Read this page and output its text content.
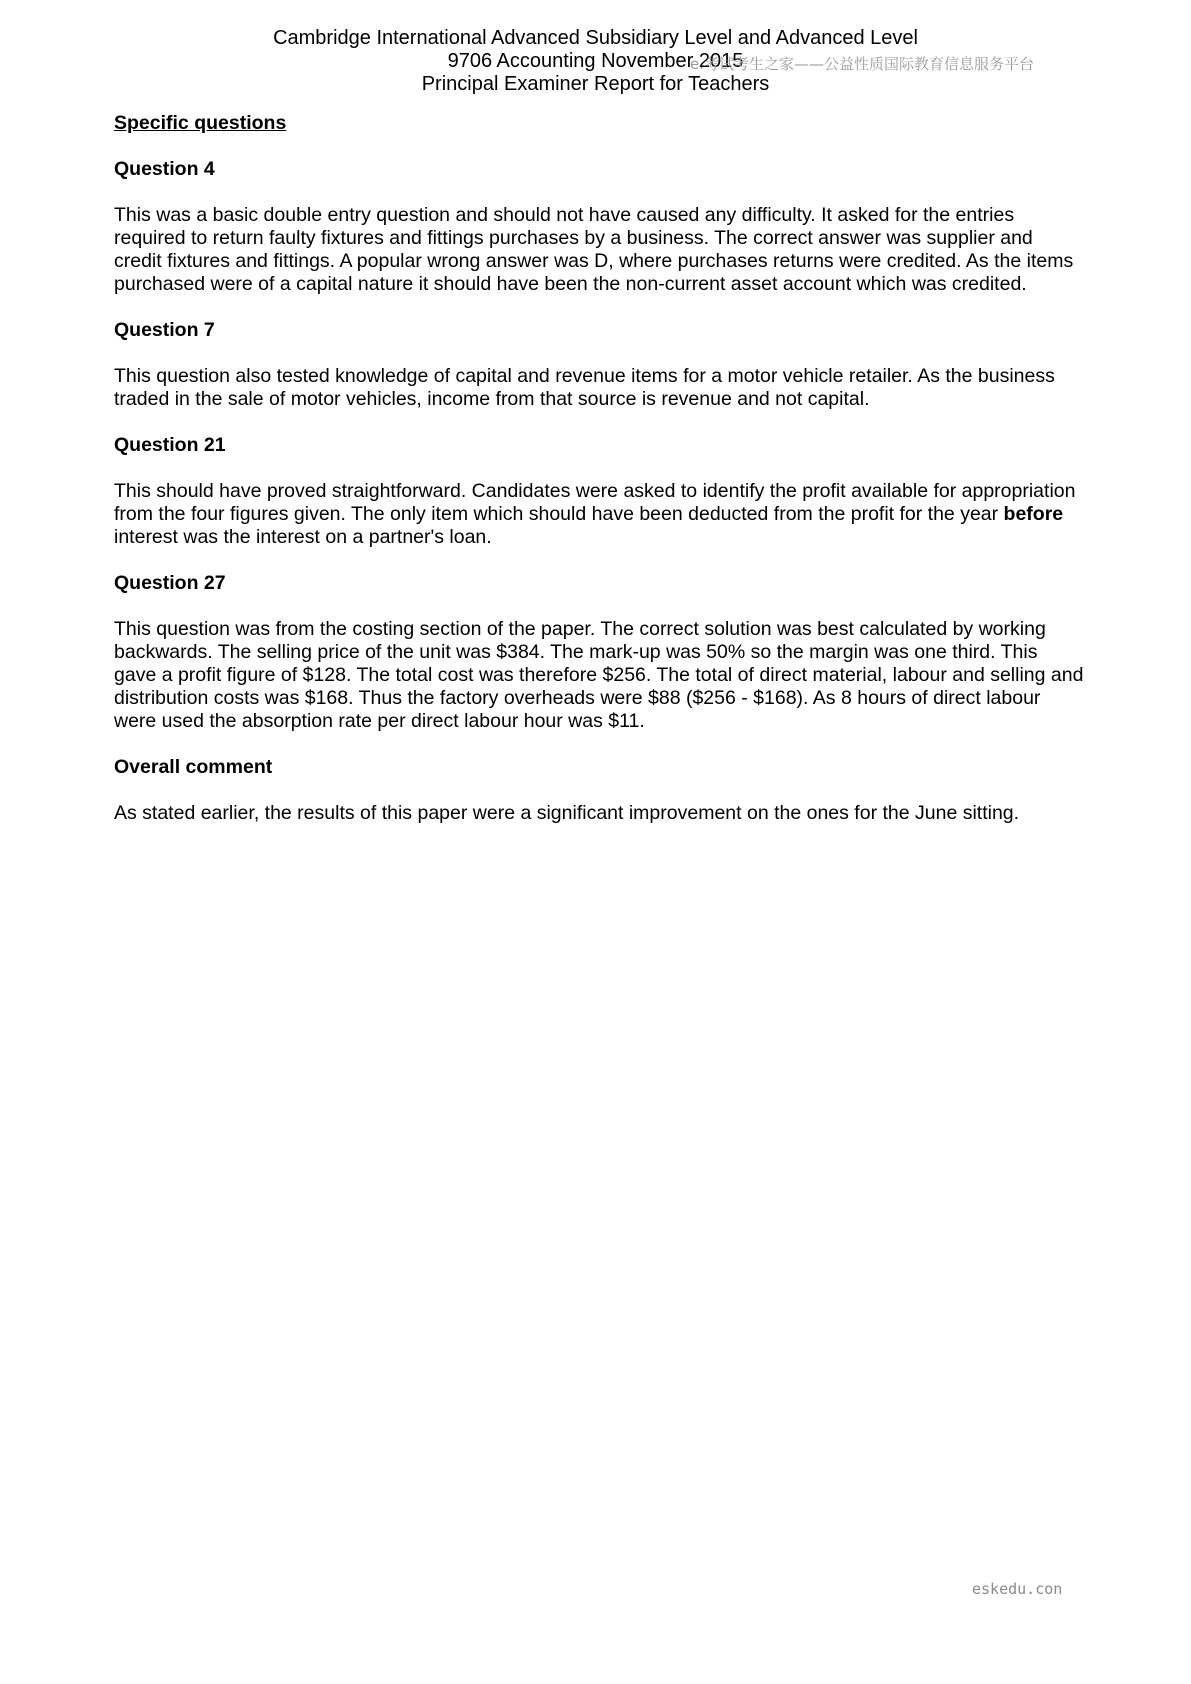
Cambridge International Advanced Subsidiary Level and Advanced Level
9706 Accounting November 2015
Principal Examiner Report for Teachers
e.考试考生之家——公益性质国际教育信息服务平台
Specific questions
Question 4
This was a basic double entry question and should not have caused any difficulty. It asked for the entries required to return faulty fixtures and fittings purchases by a business. The correct answer was supplier and credit fixtures and fittings. A popular wrong answer was D, where purchases returns were credited. As the items purchased were of a capital nature it should have been the non-current asset account which was credited.
Question 7
This question also tested knowledge of capital and revenue items for a motor vehicle retailer. As the business traded in the sale of motor vehicles, income from that source is revenue and not capital.
Question 21
This should have proved straightforward. Candidates were asked to identify the profit available for appropriation from the four figures given. The only item which should have been deducted from the profit for the year before interest was the interest on a partner's loan.
Question 27
This question was from the costing section of the paper. The correct solution was best calculated by working backwards. The selling price of the unit was $384. The mark-up was 50% so the margin was one third. This gave a profit figure of $128. The total cost was therefore $256. The total of direct material, labour and selling and distribution costs was $168. Thus the factory overheads were $88 ($256 - $168). As 8 hours of direct labour were used the absorption rate per direct labour hour was $11.
Overall comment
As stated earlier, the results of this paper were a significant improvement on the ones for the June sitting.
eskedu.con
